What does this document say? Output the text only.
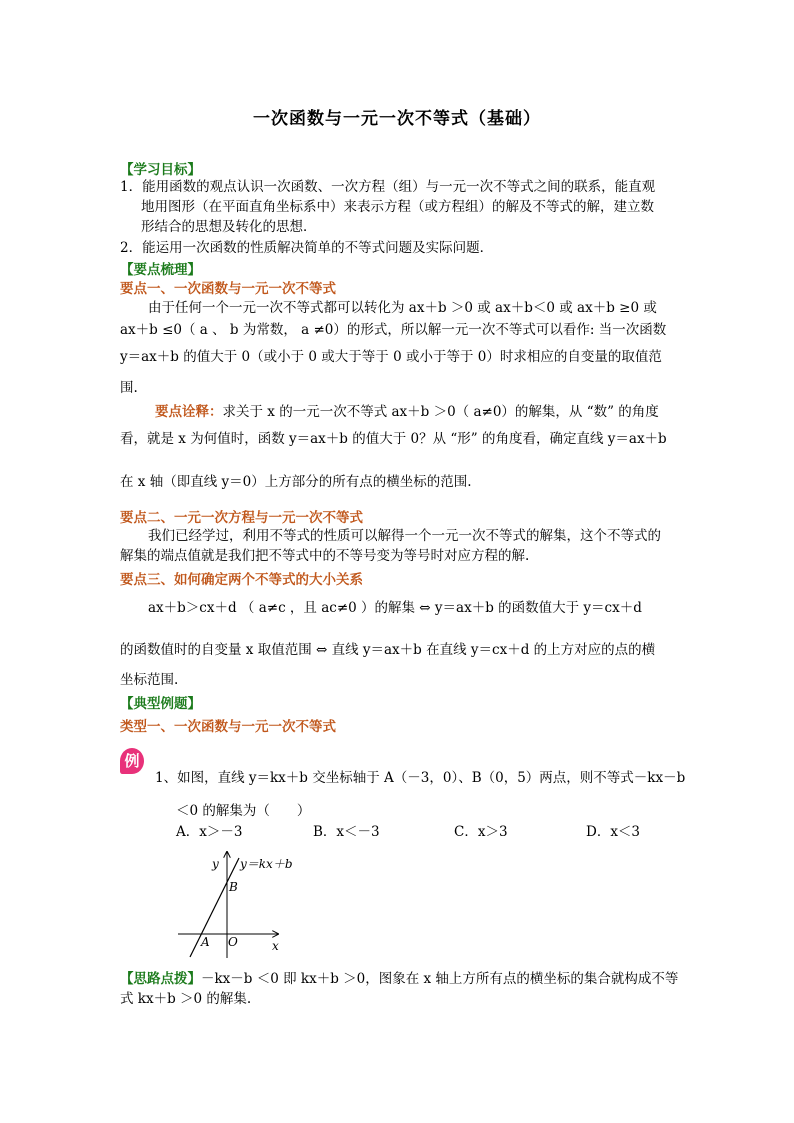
一次函数与一元一次不等式（基础）
【学习目标】
1．能用函数的观点认识一次函数、一次方程（组）与一元一次不等式之间的联系，能直观
地用图形（在平面直角坐标系中）来表示方程（或方程组）的解及不等式的解，建立数
形结合的思想及转化的思想．
2．能运用一次函数的性质解决简单的不等式问题及实际问题．
【要点梳理】
要点一、一次函数与一元一次不等式
由于任何一个一元一次不等式都可以转化为 ax＋b ＞0 或 ax＋b＜0 或 ax＋b ≥0 或
ax＋b ≤0（ a 、 b 为常数， a ≠0）的形式，所以解一元一次不等式可以看作: 当一次函数
y＝ax＋b 的值大于 0（或小于 0 或大于等于 0 或小于等于 0）时求相应的自变量的取值范
围.
要点诠释：求关于 x 的一元一次不等式 ax＋b ＞0（ a≠0）的解集，从 “数” 的角度
看，就是 x 为何值时，函数 y＝ax＋b 的值大于 0？从 “形” 的角度看，确定直线 y＝ax＋b
在 x 轴（即直线 y＝0）上方部分的所有点的横坐标的范围.
要点二、一元一次方程与一元一次不等式
我们已经学过，利用不等式的性质可以解得一个一元一次不等式的解集，这个不等式的
解集的端点值就是我们把不等式中的不等号变为等号时对应方程的解.
要点三、如何确定两个不等式的大小关系
ax＋b＞cx＋d （ a≠c ，且 ac≠0 ）的解集 ⇔ y＝ax＋b 的函数值大于 y＝cx＋d
的函数值时的自变量 x 取值范围 ⇔ 直线 y＝ax＋b 在直线 y＝cx＋d 的上方对应的点的横
坐标范围.
【典型例题】
类型一、一次函数与一元一次不等式
例
1、如图，直线 y＝kx＋b 交坐标轴于 A（－3，0）、B（0，5）两点，则不等式－kx－b
＜0 的解集为（　　）
A．x＞－3	B．x＜－3	C．x＞3	D．x＜3
y y＝kx＋b
B
A O	x
【思路点拨】－kx－b ＜0 即 kx＋b ＞0，图象在 x 轴上方所有点的横坐标的集合就构成不等
式 kx＋b ＞0 的解集.
